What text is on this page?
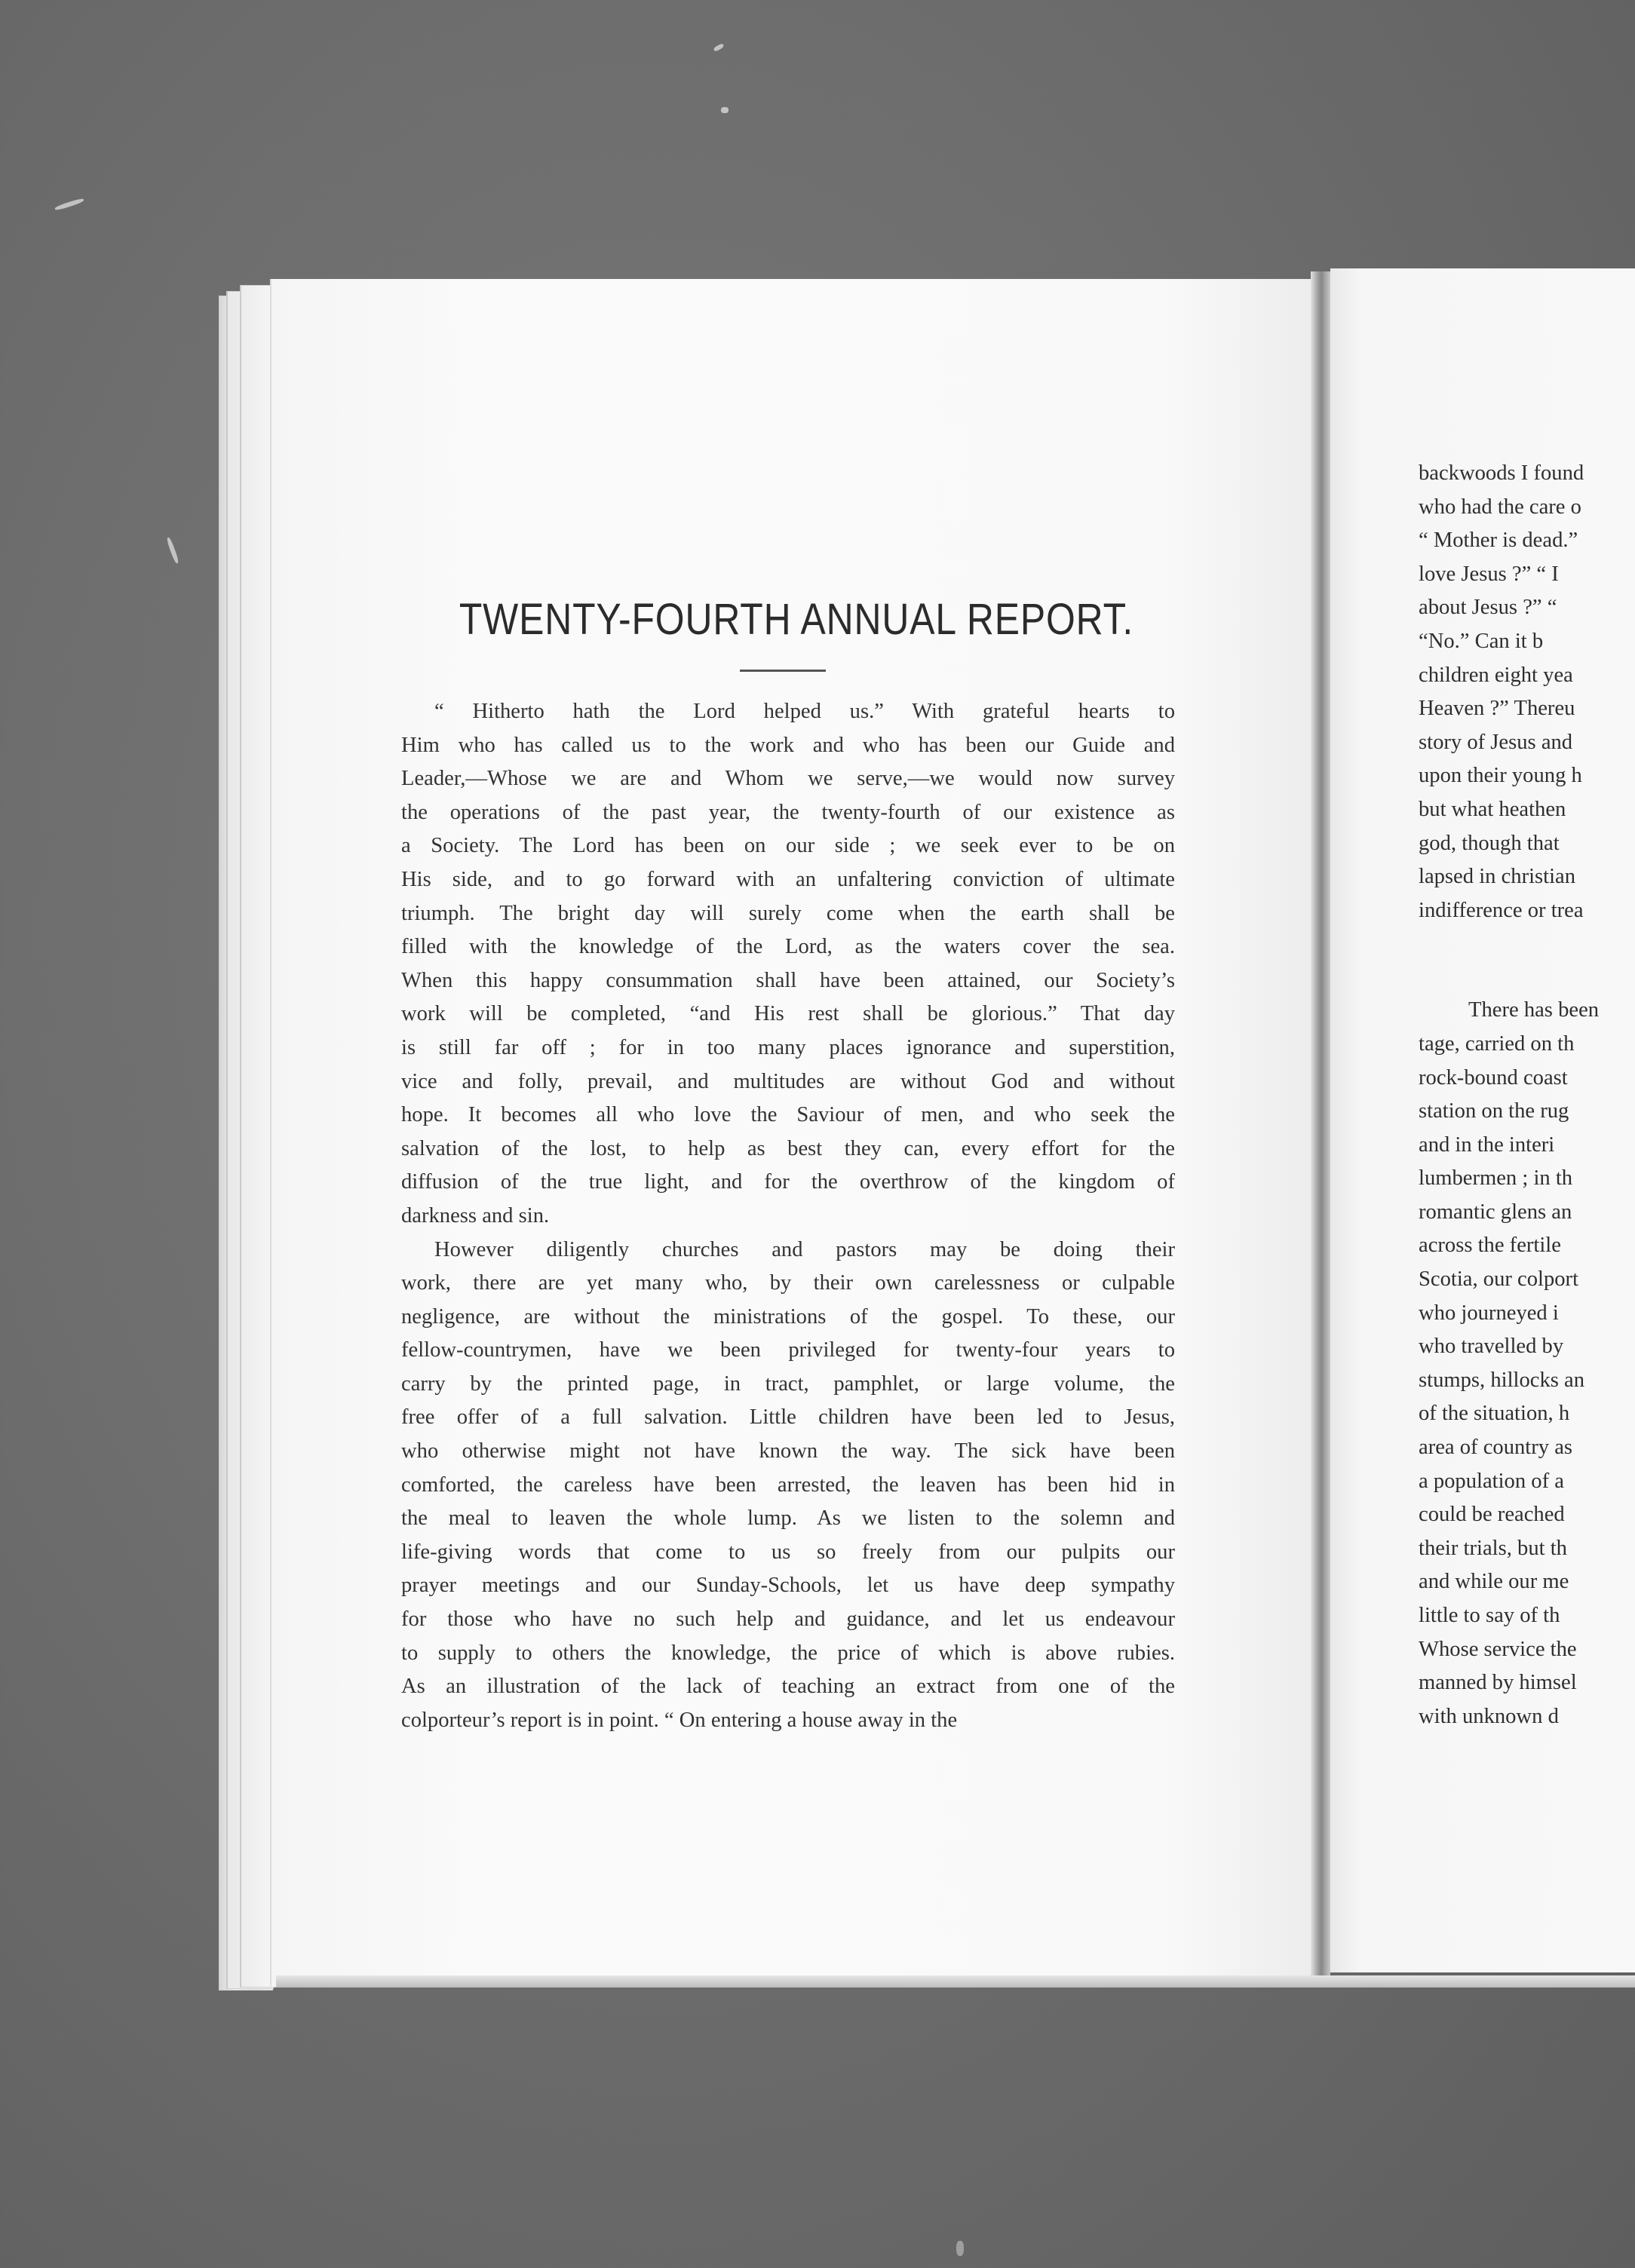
TWENTY-FOURTH ANNUAL REPORT.
“ Hitherto hath the Lord helped us.” With grateful hearts to
Him who has called us to the work and who has been our Guide and
Leader,—Whose we are and Whom we serve,—we would now survey
the operations of the past year, the twenty-fourth of our existence as
a Society. The Lord has been on our side ; we seek ever to be on
His side, and to go forward with an unfaltering conviction of ultimate
triumph. The bright day will surely come when the earth shall be
filled with the knowledge of the Lord, as the waters cover the sea.
When this happy consummation shall have been attained, our Society’s
work will be completed, “and His rest shall be glorious.” That day
is still far off ; for in too many places ignorance and superstition,
vice and folly, prevail, and multitudes are without God and without
hope. It becomes all who love the Saviour of men, and who seek the
salvation of the lost, to help as best they can, every effort for the
diffusion of the true light, and for the overthrow of the kingdom of
darkness and sin.
However diligently churches and pastors may be doing their
work, there are yet many who, by their own carelessness or culpable
negligence, are without the ministrations of the gospel. To these, our
fellow-countrymen, have we been privileged for twenty-four years to
carry by the printed page, in tract, pamphlet, or large volume, the
free offer of a full salvation. Little children have been led to Jesus,
who otherwise might not have known the way. The sick have been
comforted, the careless have been arrested, the leaven has been hid in
the meal to leaven the whole lump. As we listen to the solemn and
life-giving words that come to us so freely from our pulpits our
prayer meetings and our Sunday-Schools, let us have deep sympathy
for those who have no such help and guidance, and let us endeavour
to supply to others the knowledge, the price of which is above rubies.
As an illustration of the lack of teaching an extract from one of the
colporteur’s report is in point. “ On entering a house away in the
backwoods I found
who had the care o
“ Mother is dead.”
love Jesus ?” “ I
about Jesus ?” “
“No.” Can it b
children eight yea
Heaven ?” Thereu
story of Jesus and
upon their young h
but what heathen
god, though that
lapsed in christian
indifference or trea
There has been
tage, carried on th
rock-bound coast
station on the rug
and in the interi
lumbermen ; in th
romantic glens an
across the fertile
Scotia, our colport
who journeyed i
who travelled by
stumps, hillocks an
of the situation, h
area of country as
a population of a
could be reached
their trials, but th
and while our me
little to say of th
Whose service the
manned by himsel
with unknown d
